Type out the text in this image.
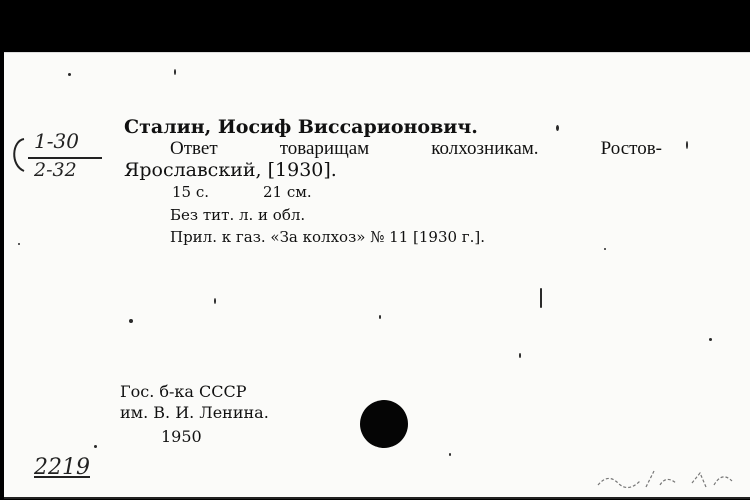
1-30
2-32
Сталин, Иосиф Виссарионович.
Ответ	товарищам	колхозникам.	Ростов-
Ярославский, [1930].
15 с.	21 см.
Без тит. л. и обл.
Прил. к газ. «За колхоз» № 11 [1930 г.].
Гос. б-ка СССР
им. В. И. Ленина.
1950
2219
